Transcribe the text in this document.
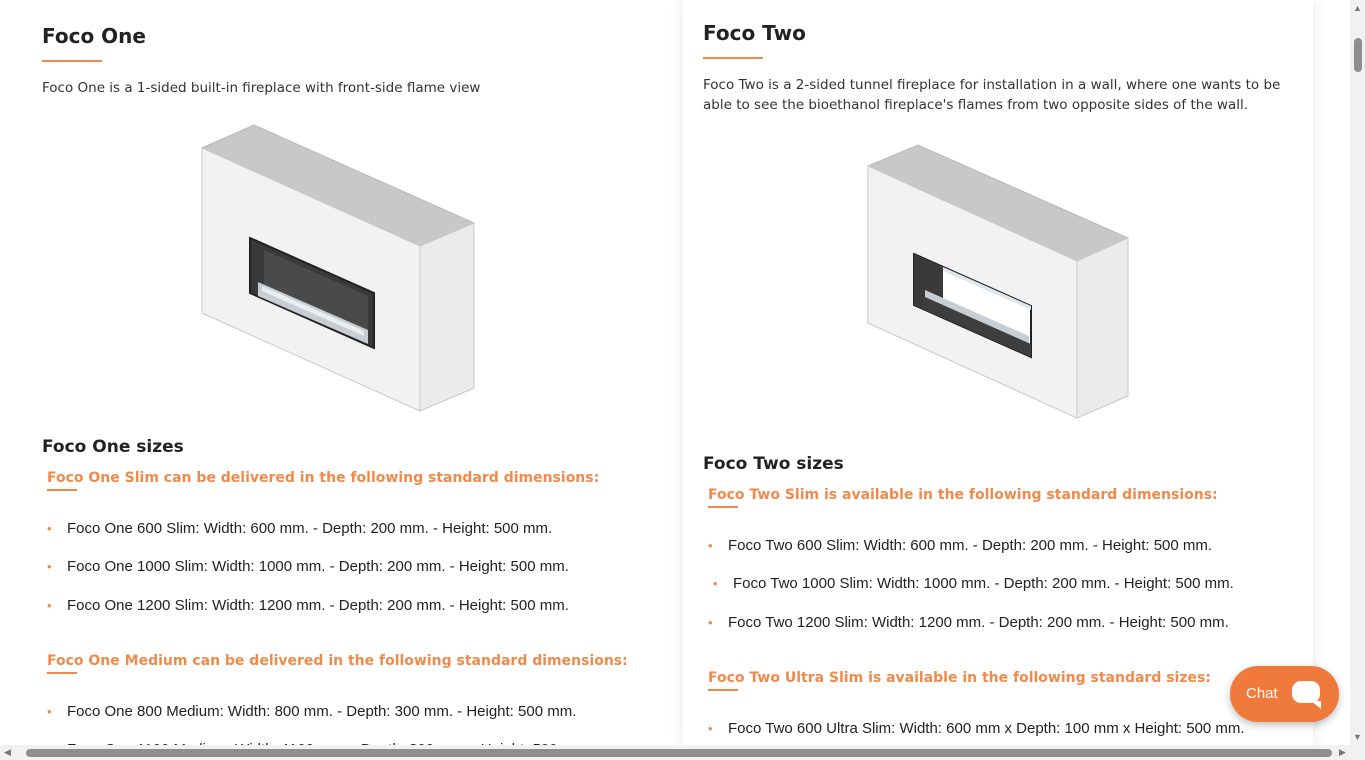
Foco One

Foco One is a 1-sided built-in fireplace with front-side flame view

Foco One sizes

Foco One Slim can be delivered in the following standard dimensions:

• Foco One 600 Slim: Width: 600 mm. - Depth: 200 mm. - Height: 500 mm.
• Foco One 1000 Slim: Width: 1000 mm. - Depth: 200 mm. - Height: 500 mm.
• Foco One 1200 Slim: Width: 1200 mm. - Depth: 200 mm. - Height: 500 mm.

Foco One Medium can be delivered in the following standard dimensions:

• Foco One 800 Medium: Width: 800 mm. - Depth: 300 mm. - Height: 500 mm.
Foco Two

Foco Two is a 2-sided tunnel fireplace for installation in a wall, where one wants to be able to see the bioethanol fireplace's flames from two opposite sides of the wall.

Foco Two sizes

Foco Two Slim is available in the following standard dimensions:

• Foco Two 600 Slim: Width: 600 mm. - Depth: 200 mm. - Height: 500 mm.
• Foco Two 1000 Slim: Width: 1000 mm. - Depth: 200 mm. - Height: 500 mm.
• Foco Two 1200 Slim: Width: 1200 mm. - Depth: 200 mm. - Height: 500 mm.

Foco Two Ultra Slim is available in the following standard sizes:

• Foco Two 600 Ultra Slim: Width: 600 mm x Depth: 100 mm x Height: 500 mm.
Chat
▲
▼
◀	▶
